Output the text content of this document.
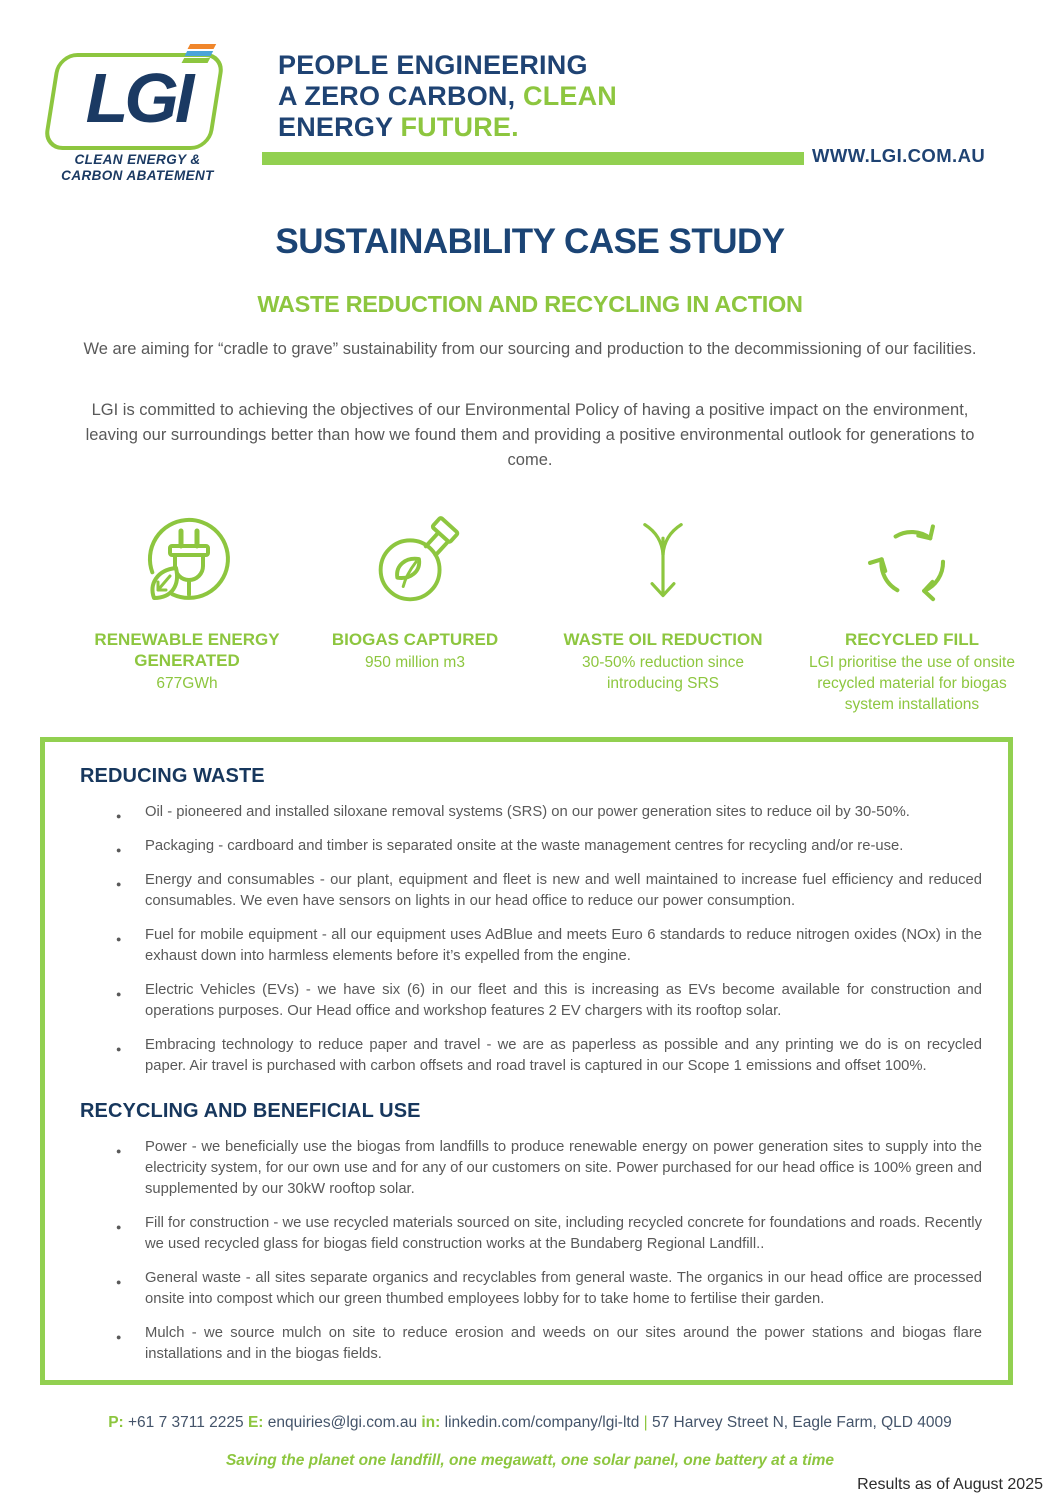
LGI
CLEAN ENERGY &
CARBON ABATEMENT
PEOPLE ENGINEERING
A ZERO CARBON, CLEAN
ENERGY FUTURE.
WWW.LGI.COM.AU
SUSTAINABILITY CASE STUDY
WASTE REDUCTION AND RECYCLING IN ACTION
We are aiming for “cradle to grave” sustainability from our sourcing and production to the decommissioning of our facilities.
LGI is committed to achieving the objectives of our Environmental Policy of having a positive impact on the environment, leaving our surroundings better than how we found them and providing a positive environmental outlook for generations to come.
RENEWABLE ENERGY GENERATED
677GWh
BIOGAS CAPTURED
950 million m3
WASTE OIL REDUCTION
30-50% reduction since introducing SRS
RECYCLED FILL
LGI prioritise the use of onsite recycled material for biogas system installations
REDUCING WASTE
● Oil - pioneered and installed siloxane removal systems (SRS) on our power generation sites to reduce oil by 30-50%.
● Packaging - cardboard and timber is separated onsite at the waste management centres for recycling and/or re-use.
● Energy and consumables - our plant, equipment and fleet is new and well maintained to increase fuel efficiency and reduced consumables. We even have sensors on lights in our head office to reduce our power consumption.
● Fuel for mobile equipment - all our equipment uses AdBlue and meets Euro 6 standards to reduce nitrogen oxides (NOx) in the exhaust down into harmless elements before it’s expelled from the engine.
● Electric Vehicles (EVs) - we have six (6) in our fleet and this is increasing as EVs become available for construction and operations purposes. Our Head office and workshop features 2 EV chargers with its rooftop solar.
● Embracing technology to reduce paper and travel - we are as paperless as possible and any printing we do is on recycled paper. Air travel is purchased with carbon offsets and road travel is captured in our Scope 1 emissions and offset 100%.
RECYCLING AND BENEFICIAL USE
● Power - we beneficially use the biogas from landfills to produce renewable energy on power generation sites to supply into the electricity system, for our own use and for any of our customers on site. Power purchased for our head office is 100% green and supplemented by our 30kW rooftop solar.
● Fill for construction - we use recycled materials sourced on site, including recycled concrete for foundations and roads. Recently we used recycled glass for biogas field construction works at the Bundaberg Regional Landfill..
● General waste - all sites separate organics and recyclables from general waste. The organics in our head office are processed onsite into compost which our green thumbed employees lobby for to take home to fertilise their garden.
● Mulch - we source mulch on site to reduce erosion and weeds on our sites around the power stations and biogas flare installations and in the biogas fields.
P: +61 7 3711 2225 E: enquiries@lgi.com.au in: linkedin.com/company/lgi-ltd | 57 Harvey Street N, Eagle Farm, QLD 4009
Saving the planet one landfill, one megawatt, one solar panel, one battery at a time
Results as of August 2025
